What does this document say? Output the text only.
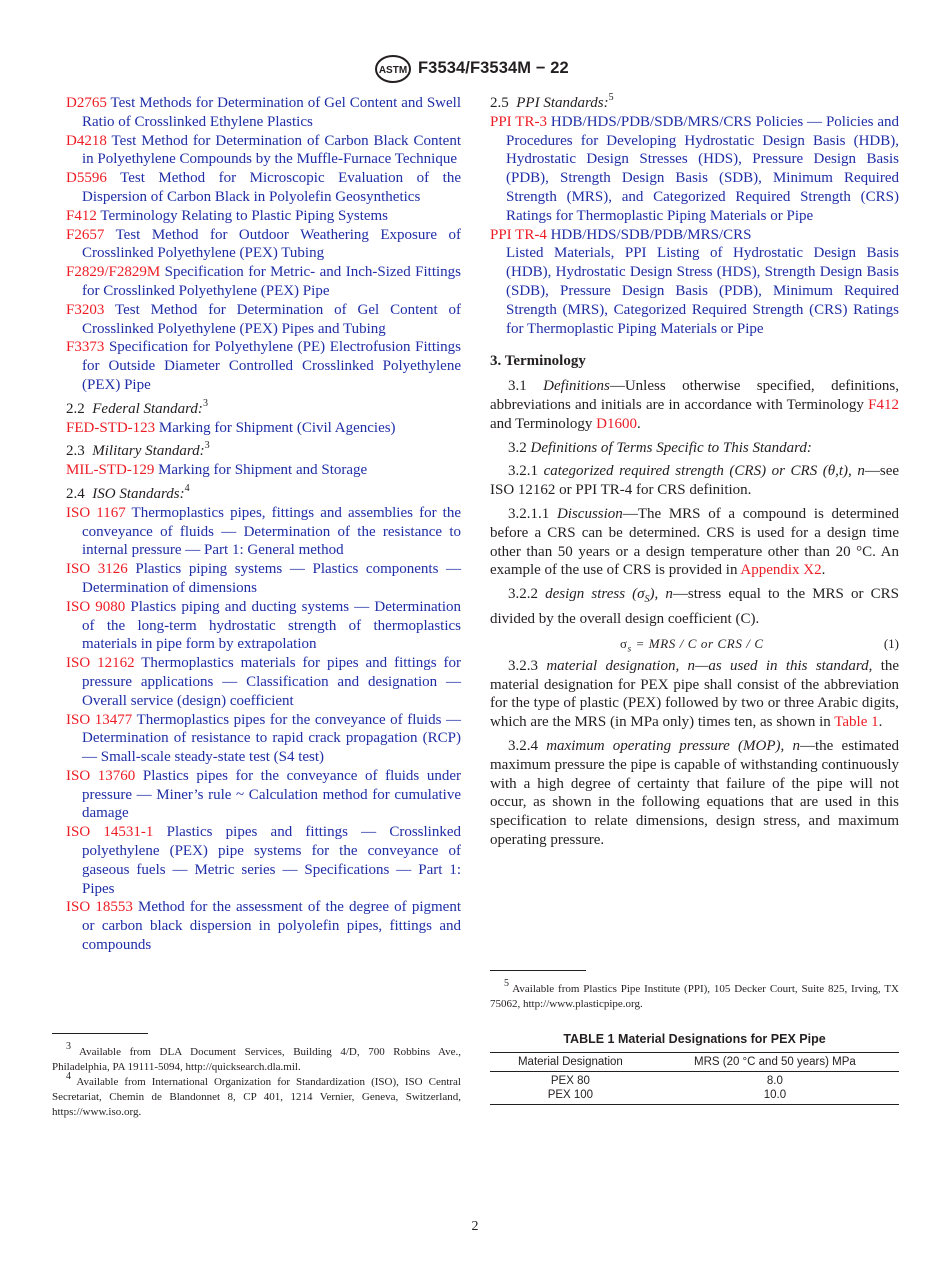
ASTM F3534/F3534M − 22
D2765 Test Methods for Determination of Gel Content and Swell Ratio of Crosslinked Ethylene Plastics
D4218 Test Method for Determination of Carbon Black Content in Polyethylene Compounds by the Muffle-Furnace Technique
D5596 Test Method for Microscopic Evaluation of the Dispersion of Carbon Black in Polyolefin Geosynthetics
F412 Terminology Relating to Plastic Piping Systems
F2657 Test Method for Outdoor Weathering Exposure of Crosslinked Polyethylene (PEX) Tubing
F2829/F2829M Specification for Metric- and Inch-Sized Fittings for Crosslinked Polyethylene (PEX) Pipe
F3203 Test Method for Determination of Gel Content of Crosslinked Polyethylene (PEX) Pipes and Tubing
F3373 Specification for Polyethylene (PE) Electrofusion Fittings for Outside Diameter Controlled Crosslinked Polyethylene (PEX) Pipe
2.2 Federal Standard:$^3$
FED-STD-123 Marking for Shipment (Civil Agencies)
2.3 Military Standard:$^3$
MIL-STD-129 Marking for Shipment and Storage
2.4 ISO Standards:$^4$
ISO 1167 Thermoplastics pipes, fittings and assemblies for the conveyance of fluids — Determination of the resistance to internal pressure — Part 1: General method
ISO 3126 Plastics piping systems — Plastics components — Determination of dimensions
ISO 9080 Plastics piping and ducting systems — Determination of the long-term hydrostatic strength of thermoplastics materials in pipe form by extrapolation
ISO 12162 Thermoplastics materials for pipes and fittings for pressure applications — Classification and designation — Overall service (design) coefficient
ISO 13477 Thermoplastics pipes for the conveyance of fluids — Determination of resistance to rapid crack propagation (RCP) — Small-scale steady-state test (S4 test)
ISO 13760 Plastics pipes for the conveyance of fluids under pressure — Miner’s rule ~ Calculation method for cumulative damage
ISO 14531-1 Plastics pipes and fittings — Crosslinked polyethylene (PEX) pipe systems for the conveyance of gaseous fuels — Metric series — Specifications — Part 1: Pipes
ISO 18553 Method for the assessment of the degree of pigment or carbon black dispersion in polyolefin pipes, fittings and compounds
2.5 PPI Standards:$^5$
PPI TR-3 HDB/HDS/PDB/SDB/MRS/CRS Policies — Policies and Procedures for Developing Hydrostatic Design Basis (HDB), Hydrostatic Design Stresses (HDS), Pressure Design Basis (PDB), Strength Design Basis (SDB), Minimum Required Strength (MRS), and Categorized Required Strength (CRS) Ratings for Thermoplastic Piping Materials or Pipe
PPI TR-4 HDB/HDS/SDB/PDB/MRS/CRS
Listed Materials, PPI Listing of Hydrostatic Design Basis (HDB), Hydrostatic Design Stress (HDS), Strength Design Basis (SDB), Pressure Design Basis (PDB), Minimum Required Strength (MRS), Categorized Required Strength (CRS) Ratings for Thermoplastic Piping Materials or Pipe
3. Terminology

3.1 Definitions—Unless otherwise specified, definitions, abbreviations and initials are in accordance with Terminology F412 and Terminology D1600.

3.2 Definitions of Terms Specific to This Standard:

3.2.1 categorized required strength (CRS) or CRS (θ,t), n—see ISO 12162 or PPI TR-4 for CRS definition.

3.2.1.1 Discussion—The MRS of a compound is determined before a CRS can be determined. CRS is used for a design time other than 50 years or a design temperature other than 20 °C. An example of the use of CRS is provided in Appendix X2.

3.2.2 design stress $(\sigma_S)$, n—stress equal to the MRS or CRS divided by the overall design coefficient (C).

$\sigma_s$ = MRS / C or CRS / C	(1)

3.2.3 material designation, n—as used in this standard, the material designation for PEX pipe shall consist of the abbreviation for the type of plastic (PEX) followed by two or three Arabic digits, which are the MRS (in MPa only) times ten, as shown in Table 1.

3.2.4 maximum operating pressure (MOP), n—the estimated maximum pressure the pipe is capable of withstanding continuously with a high degree of certainty that failure of the pipe will not occur, as shown in the following equations that are used in this specification to relate dimensions, design stress, and maximum operating pressure.

$^5$ Available from Plastics Pipe Institute (PPI), 105 Decker Court, Suite 825, Irving, TX 75062, http://www.plasticpipe.org.

$^3$ Available from DLA Document Services, Building 4/D, 700 Robbins Ave., Philadelphia, PA 19111-5094, http://quicksearch.dla.mil.

$^4$ Available from International Organization for Standardization (ISO), ISO Central Secretariat, Chemin de Blandonnet 8, CP 401, 1214 Vernier, Geneva, Switzerland, https://www.iso.org.

TABLE 1 Material Designations for PEX Pipe
Material Designation	MRS (20 °C and 50 years) MPa
PEX 80	8.0
PEX 100	10.0
2
